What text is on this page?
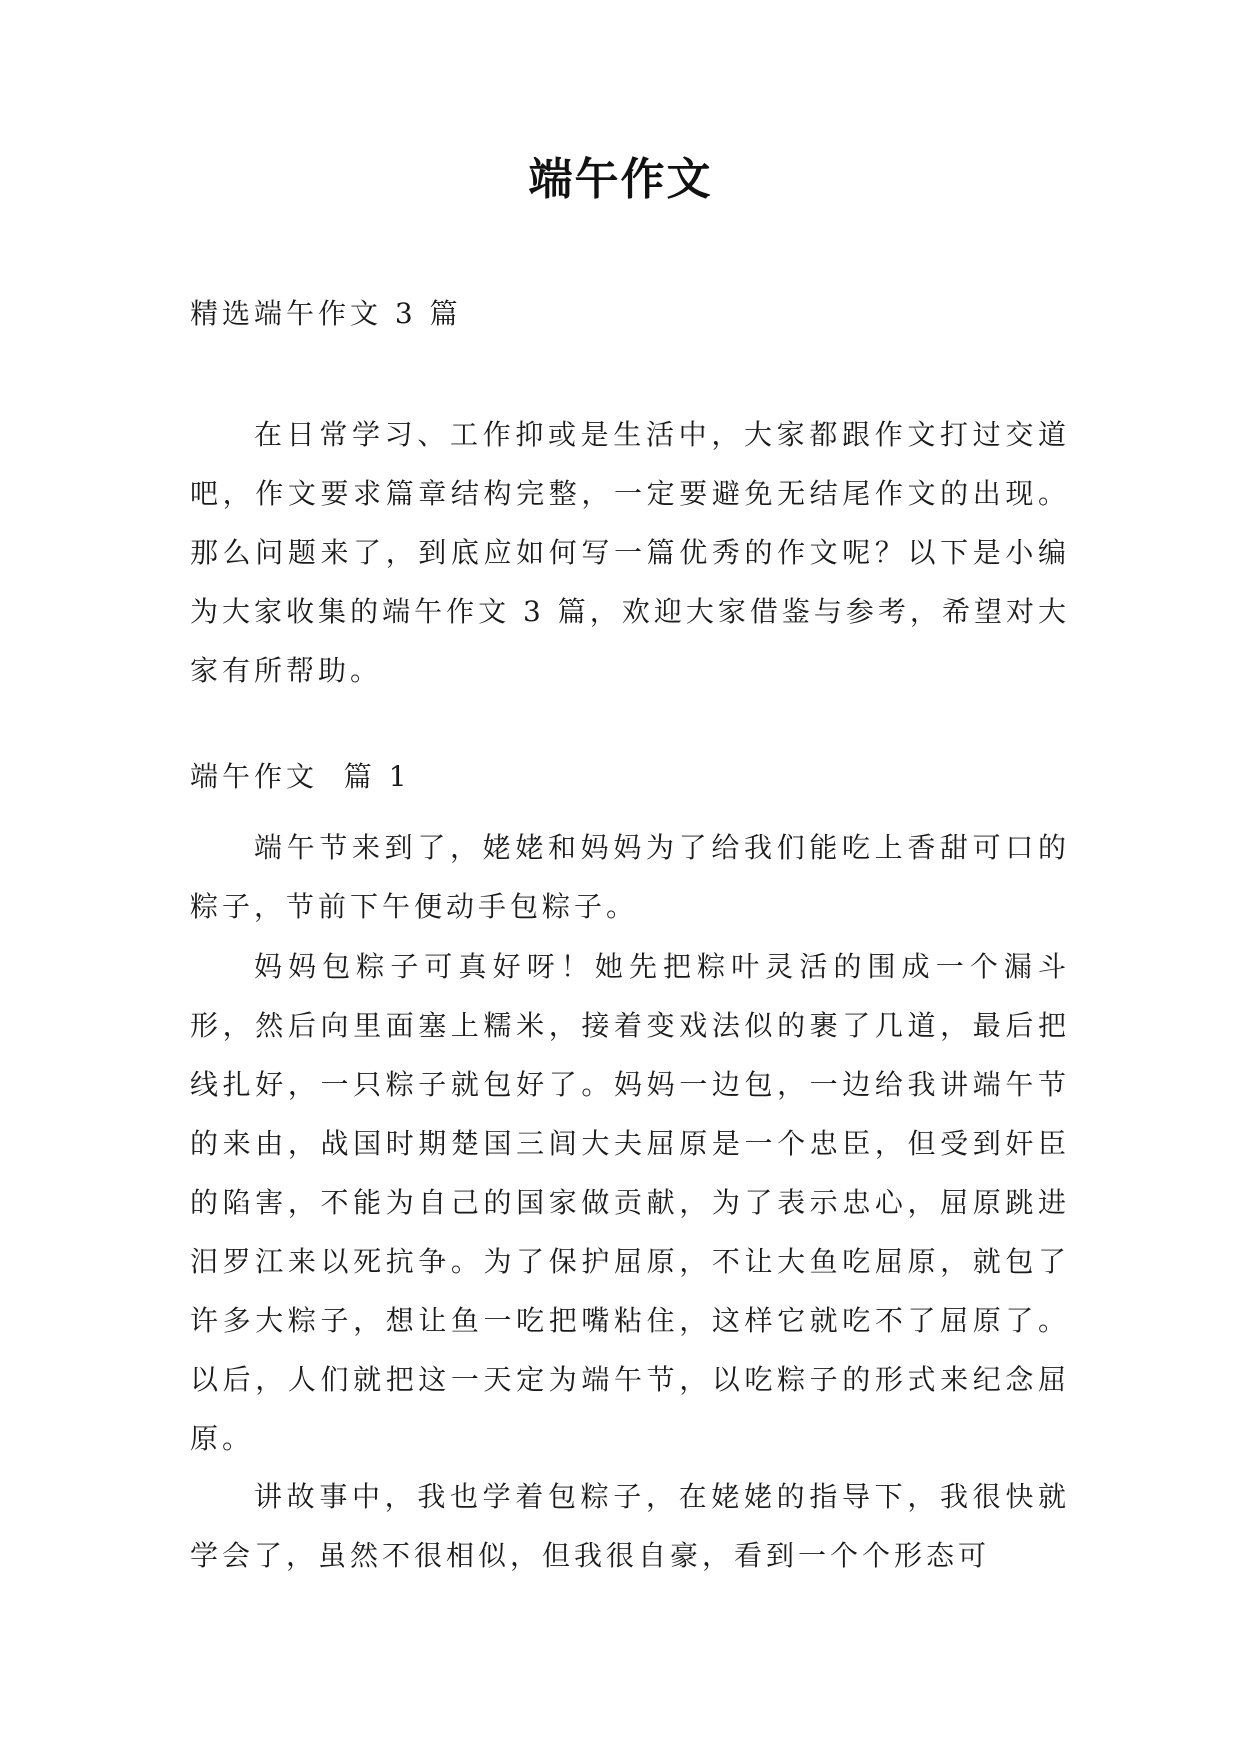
端午作文

精选端午作文 3 篇

在日常学习、工作抑或是生活中，大家都跟作文打过交道吧，作文要求篇章结构完整，一定要避免无结尾作文的出现。那么问题来了，到底应如何写一篇优秀的作文呢？以下是小编为大家收集的端午作文 3 篇，欢迎大家借鉴与参考，希望对大家有所帮助。

端午作文  篇 1

端午节来到了，姥姥和妈妈为了给我们能吃上香甜可口的粽子，节前下午便动手包粽子。

妈妈包粽子可真好呀！她先把粽叶灵活的围成一个漏斗形，然后向里面塞上糯米，接着变戏法似的裹了几道，最后把线扎好，一只粽子就包好了。妈妈一边包，一边给我讲端午节的来由，战国时期楚国三闾大夫屈原是一个忠臣，但受到奸臣的陷害，不能为自己的国家做贡献，为了表示忠心，屈原跳进汨罗江来以死抗争。为了保护屈原，不让大鱼吃屈原，就包了许多大粽子，想让鱼一吃把嘴粘住，这样它就吃不了屈原了。以后，人们就把这一天定为端午节，以吃粽子的形式来纪念屈原。

讲故事中，我也学着包粽子，在姥姥的指导下，我很快就学会了，虽然不很相似，但我很自豪，看到一个个形态可
